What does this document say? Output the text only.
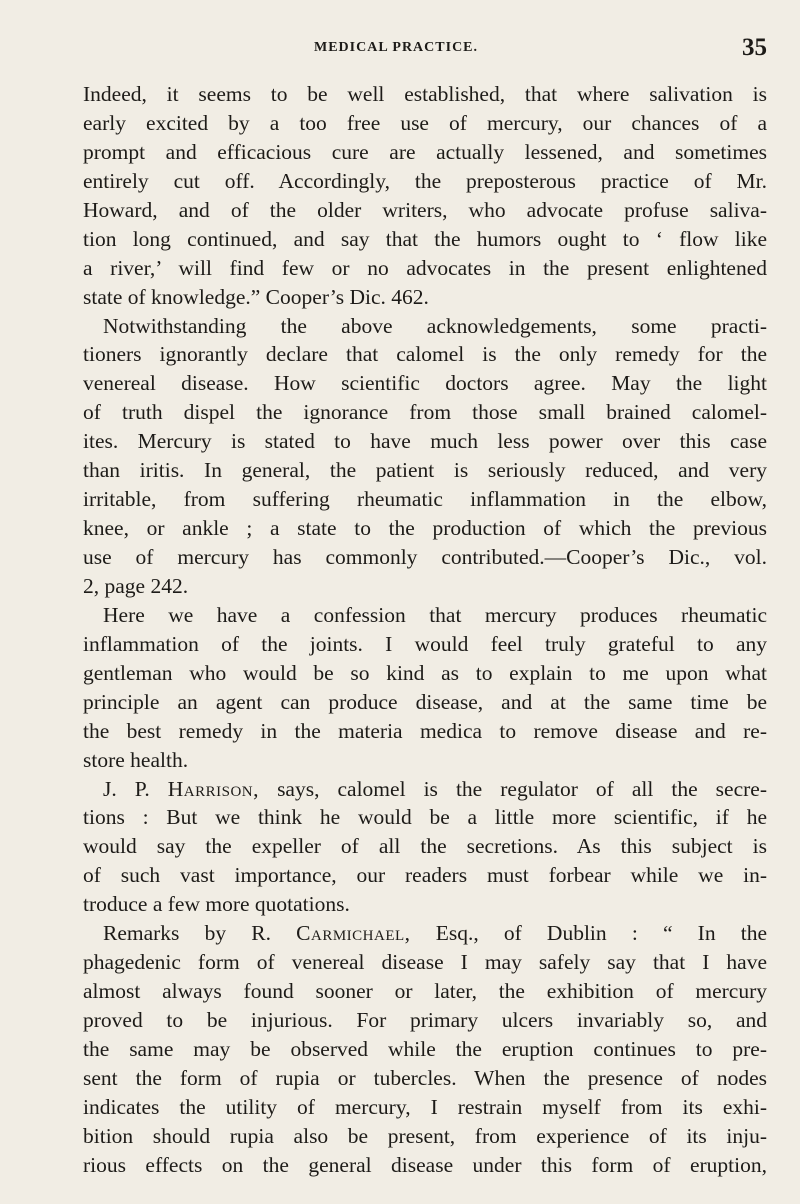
MEDICAL PRACTICE.	35
Indeed, it seems to be well established, that where salivation is
early excited by a too free use of mercury, our chances of a
prompt and efficacious cure are actually lessened, and sometimes
entirely cut off. Accordingly, the preposterous practice of Mr.
Howard, and of the older writers, who advocate profuse saliva-
tion long continued, and say that the humors ought to ‘ flow like
a river,’ will find few or no advocates in the present enlightened
state of knowledge.” Cooper’s Dic. 462.
Notwithstanding the above acknowledgements, some practi-
tioners ignorantly declare that calomel is the only remedy for the
venereal disease. How scientific doctors agree. May the light
of truth dispel the ignorance from those small brained calomel-
ites. Mercury is stated to have much less power over this case
than iritis. In general, the patient is seriously reduced, and very
irritable, from suffering rheumatic inflammation in the elbow,
knee, or ankle ; a state to the production of which the previous
use of mercury has commonly contributed.—Cooper’s Dic., vol.
2, page 242.
Here we have a confession that mercury produces rheumatic
inflammation of the joints. I would feel truly grateful to any
gentleman who would be so kind as to explain to me upon what
principle an agent can produce disease, and at the same time be
the best remedy in the materia medica to remove disease and re-
store health.
J. P. Harrison, says, calomel is the regulator of all the secre-
tions : But we think he would be a little more scientific, if he
would say the expeller of all the secretions. As this subject is
of such vast importance, our readers must forbear while we in-
troduce a few more quotations.
Remarks by R. Carmichael, Esq., of Dublin : “ In the
phagedenic form of venereal disease I may safely say that I have
almost always found sooner or later, the exhibition of mercury
proved to be injurious. For primary ulcers invariably so, and
the same may be observed while the eruption continues to pre-
sent the form of rupia or tubercles. When the presence of nodes
indicates the utility of mercury, I restrain myself from its exhi-
bition should rupia also be present, from experience of its inju-
rious effects on the general disease under this form of eruption,
